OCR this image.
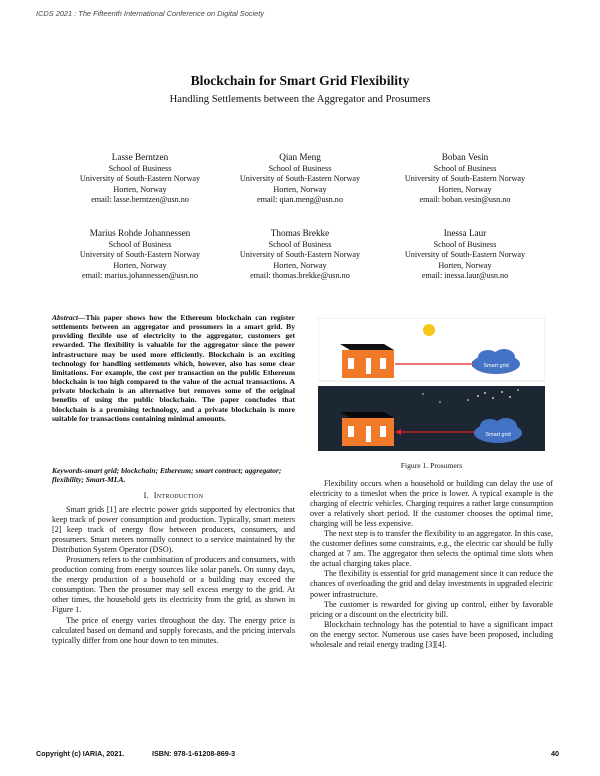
ICDS 2021 : The Fifteenth International Conference on Digital Society
Blockchain for Smart Grid Flexibility
Handling Settlements between the Aggregator and Prosumers
Lasse Berntzen
School of Business
University of South-Eastern Norway
Horten, Norway
email: lasse.berntzen@usn.no
Qian Meng
School of Business
University of South-Eastern Norway
Horten, Norway
email: qian.meng@usn.no
Boban Vesin
School of Business
University of South-Eastern Norway
Horten, Norway
email: boban.vesin@usn.no
Marius Rohde Johannessen
School of Business
University of South-Eastern Norway
Horten, Norway
email: marius.johannessen@usn.no
Thomas Brekke
School of Business
University of South-Eastern Norway
Horten, Norway
email: thomas.brekke@usn.no
Inessa Laur
School of Business
University of South-Eastern Norway
Horten, Norway
email: inessa.laur@usn.no

Abstract—This paper shows how the Ethereum blockchain can register settlements between an aggregator and prosumers in a smart grid. By providing flexible use of electricity to the aggregator, customers get rewarded. The flexibility is valuable for the aggregator since the power infrastructure may be used more efficiently. Blockchain is an exciting technology for handling settlements which, however, also has some clear limitations. For example, the cost per transaction on the public Ethereum blockchain is too high compared to the value of the actual transactions. A private blockchain is an alternative but removes some of the original benefits of using the public blockchain. The paper concludes that blockchain is a promising technology, and a private blockchain is more suitable for transactions containing minimal amounts.

Keywords-smart grid; blockchain; Ethereum; smart contract; aggregator; flexibility; Smart-MLA.
I. Introduction

Smart grids [1] are electric power grids supported by electronics that keep track of power consumption and production. Typically, smart meters [2] keep track of energy flow between producers, consumers, and prosumers. Smart meters normally connect to a service maintained by the Distribution System Operator (DSO).

Prosumers refers to the combination of producers and consumers, with production coming from energy sources like solar panels. On sunny days, the energy production of a household or a building may exceed the consumption. Then the prosumer may sell excess energy to the grid. At other times, the household gets its electricity from the grid, as shown in Figure 1.

The price of energy varies throughout the day. The energy price is calculated based on demand and supply forecasts, and the pricing intervals typically differ from one hour down to ten minutes.

Smart grid
Smart grid
Figure 1. Prosumers

Flexibility occurs when a household or building can delay the use of electricity to a timeslot when the price is lower. A typical example is the charging of electric vehicles. Charging requires a rather large consumption over a relatively short period. If the customer chooses the optimal time, charging will be less expensive.

The next step is to transfer the flexibility to an aggregator. In this case, the customer defines some constraints, e.g., the electric car should be fully charged at 7 am. The aggregator then selects the optimal time slots when the actual charging takes place.

The flexibility is essential for grid management since it can reduce the chances of overloading the grid and delay investments in upgraded electric power infrastructure.

The customer is rewarded for giving up control, either by favorable pricing or a discount on the electricity bill.

Blockchain technology has the potential to have a significant impact on the energy sector. Numerous use cases have been proposed, including wholesale and retail energy trading [3][4].

Copyright (c) IARIA, 2021.	ISBN: 978-1-61208-869-3	40
